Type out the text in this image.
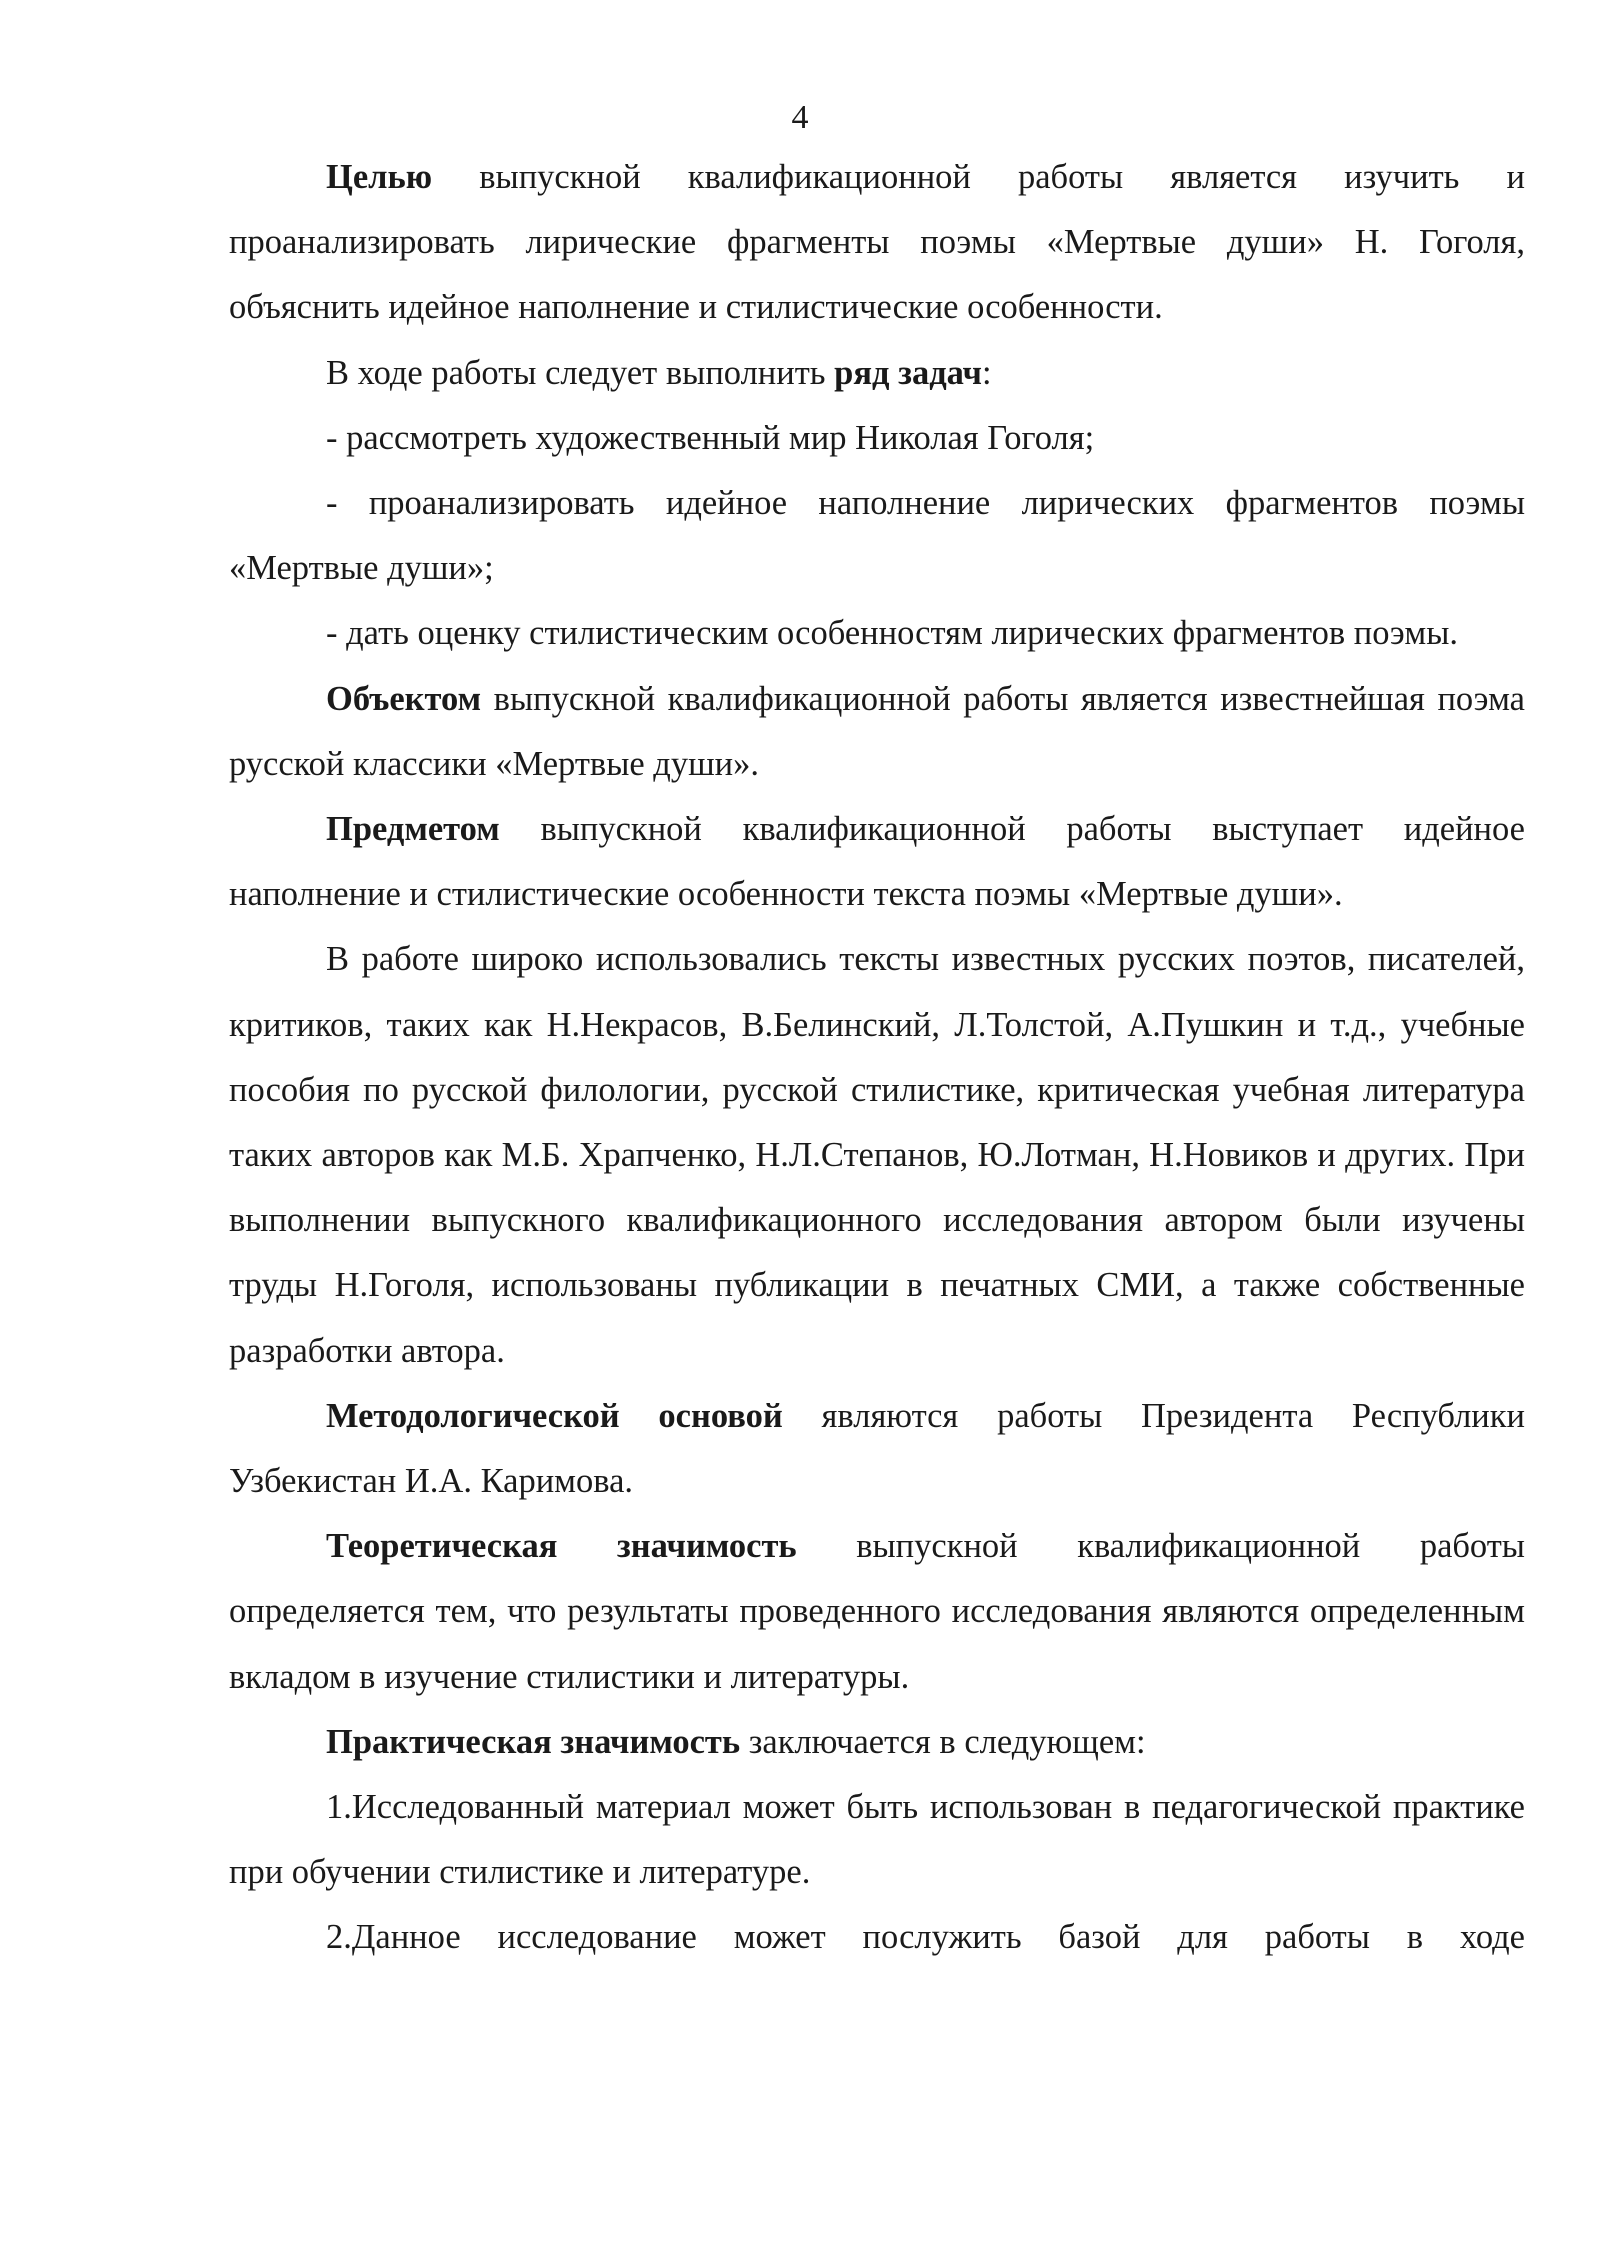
4

Целью выпускной квалификационной работы является изучить и проанализировать лирические фрагменты поэмы «Мертвые души» Н. Гоголя, объяснить идейное наполнение и стилистические особенности.

В ходе работы следует выполнить ряд задач:

- рассмотреть художественный мир Николая Гоголя;

- проанализировать идейное наполнение лирических фрагментов поэмы «Мертвые души»;

- дать оценку стилистическим особенностям лирических фрагментов поэмы.

Объектом выпускной квалификационной работы является известнейшая поэма русской классики «Мертвые души».

Предметом выпускной квалификационной работы выступает идейное наполнение и стилистические особенности текста поэмы «Мертвые души».

В работе широко использовались тексты известных русских поэтов, писателей, критиков, таких как Н.Некрасов, В.Белинский, Л.Толстой, А.Пушкин и т.д., учебные пособия по русской филологии, русской стилистике, критическая учебная литература таких авторов как М.Б. Храпченко, Н.Л.Степанов, Ю.Лотман, Н.Новиков и других. При выполнении выпускного квалификационного исследования автором были изучены труды Н.Гоголя, использованы публикации в печатных СМИ, а также собственные разработки автора.

Методологической основой являются работы Президента Республики Узбекистан И.А. Каримова.

Теоретическая значимость выпускной квалификационной работы определяется тем, что результаты проведенного исследования являются определенным вкладом в изучение стилистики и литературы.

Практическая значимость заключается в следующем:

1.Исследованный материал может быть использован в педагогической практике при обучении стилистике и литературе.

2.Данное исследование может послужить базой для работы в ходе
